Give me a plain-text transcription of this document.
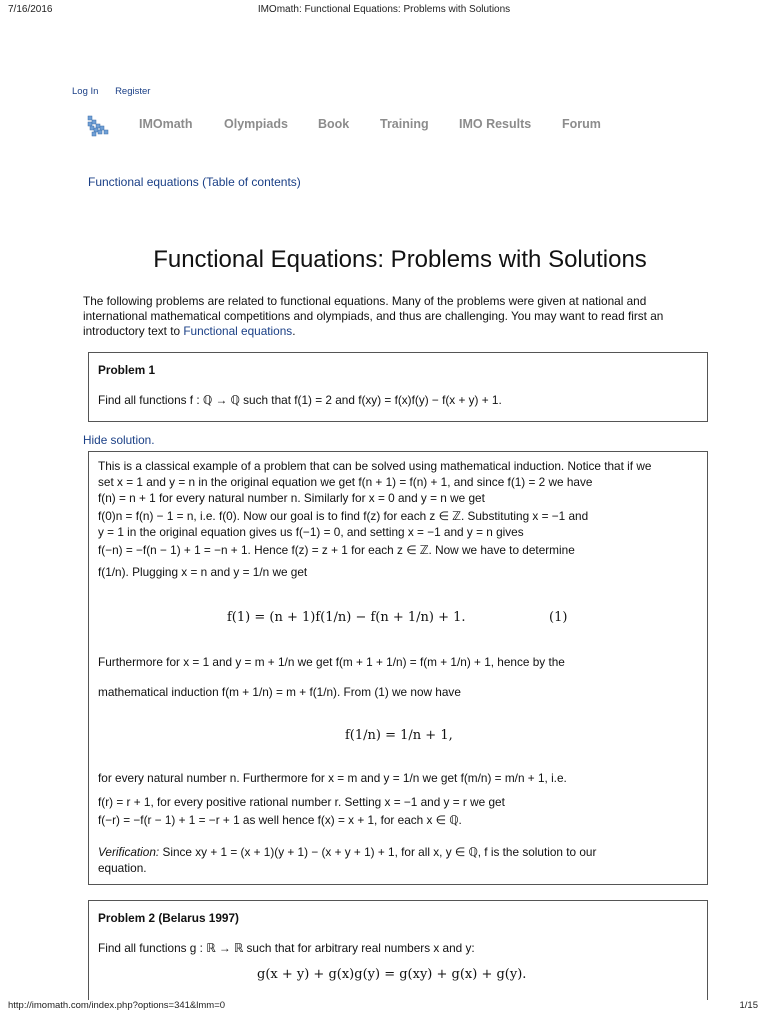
7/16/2016	IMOmath: Functional Equations: Problems with Solutions
Log In Register
IMOmath	Olympiads Book Training IMO Results Forum
Functional equations (Table of contents)
Functional Equations: Problems with Solutions

The following problems are related to functional equations. Many of the problems were given at national and international mathematical competitions and olympiads, and thus are challenging. You may want to read first an introductory text to Functional equations.

Problem 1
Find all functions f : ℚ → ℚ such that f(1) = 2 and f(xy) = f(x)f(y) − f(x + y) + 1.
Hide solution.
This is a classical example of a problem that can be solved using mathematical induction. Notice that if we
set x = 1 and y = n in the original equation we get f(n + 1) = f(n) + 1, and since f(1) = 2 we have
f(n) = n + 1 for every natural number n. Similarly for x = 0 and y = n we get
f(0)n = f(n) − 1 = n, i.e. f(0). Now our goal is to find f(z) for each z ∈ ℤ. Substituting x = −1 and
y = 1 in the original equation gives us f(−1) = 0, and setting x = −1 and y = n gives
f(−n) = −f(n − 1) + 1 = −n + 1. Hence f(z) = z + 1 for each z ∈ ℤ. Now we have to determine
f(1/n). Plugging x = n and y = 1/n we get
f(1) = (n + 1)f(1/n) − f(n + 1/n) + 1.	(1)
Furthermore for x = 1 and y = m + 1/n we get f(m + 1 + 1/n) = f(m + 1/n) + 1, hence by the
mathematical induction f(m + 1/n) = m + f(1/n). From (1) we now have
f(1/n) = 1/n + 1,
for every natural number n. Furthermore for x = m and y = 1/n we get f(m/n) = m/n + 1, i.e.
f(r) = r + 1, for every positive rational number r. Setting x = −1 and y = r we get
f(−r) = −f(r − 1) + 1 = −r + 1 as well hence f(x) = x + 1, for each x ∈ ℚ.
Verification: Since xy + 1 = (x + 1)(y + 1) − (x + y + 1) + 1, for all x, y ∈ ℚ, f is the solution to our
equation.
Problem 2 (Belarus 1997)
Find all functions g : ℝ → ℝ such that for arbitrary real numbers x and y:
g(x + y) + g(x)g(y) = g(xy) + g(x) + g(y).
http://imomath.com/index.php?options=341&lmm=0	1/15
